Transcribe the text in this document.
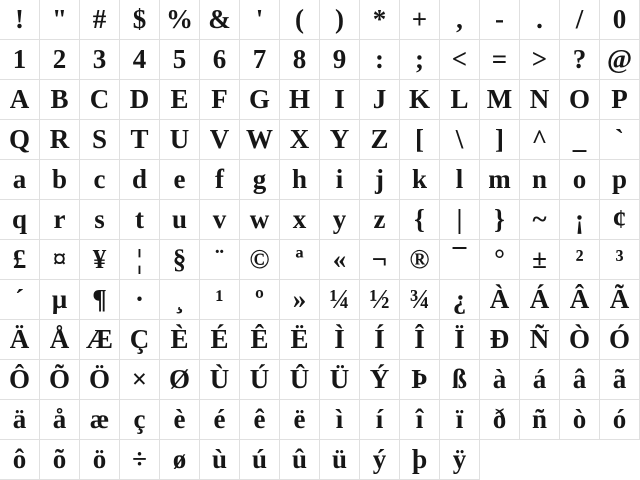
!	" # $ % & '	(	)	* +	,	-	.	/	0
1 2 3 4 5 6 7 8 9	:	;	< = > ? @
A B C D E F G H I	J K L M N O P
Q R S T U V W X Y Z [	\	]	^ _	`
a b c d e	f	g h	i	j	k	l m n o p
q r	s	t	u v w x y	z	{	|	}	~	¡	¢
£ ¤ ¥	¦	§	¨ © ª	« ¬ ® ¯	°	±	²	³
´	µ ¶	·	¸	¹	º	» ¼ ½ ¾ ¿ À Á Â Ã
Ä Å Æ Ç È É Ê Ë Ì	Í	Î	Ï Ð Ñ Ò Ó
Ô Õ Ö × Ø Ù Ú Û Ü Ý Þ ß à á â ã
ä å æ ç	è	é	ê	ë	ì	í	î	ï	ð ñ ò ó
ô õ ö ÷ ø ù ú û ü ý þ ÿ
